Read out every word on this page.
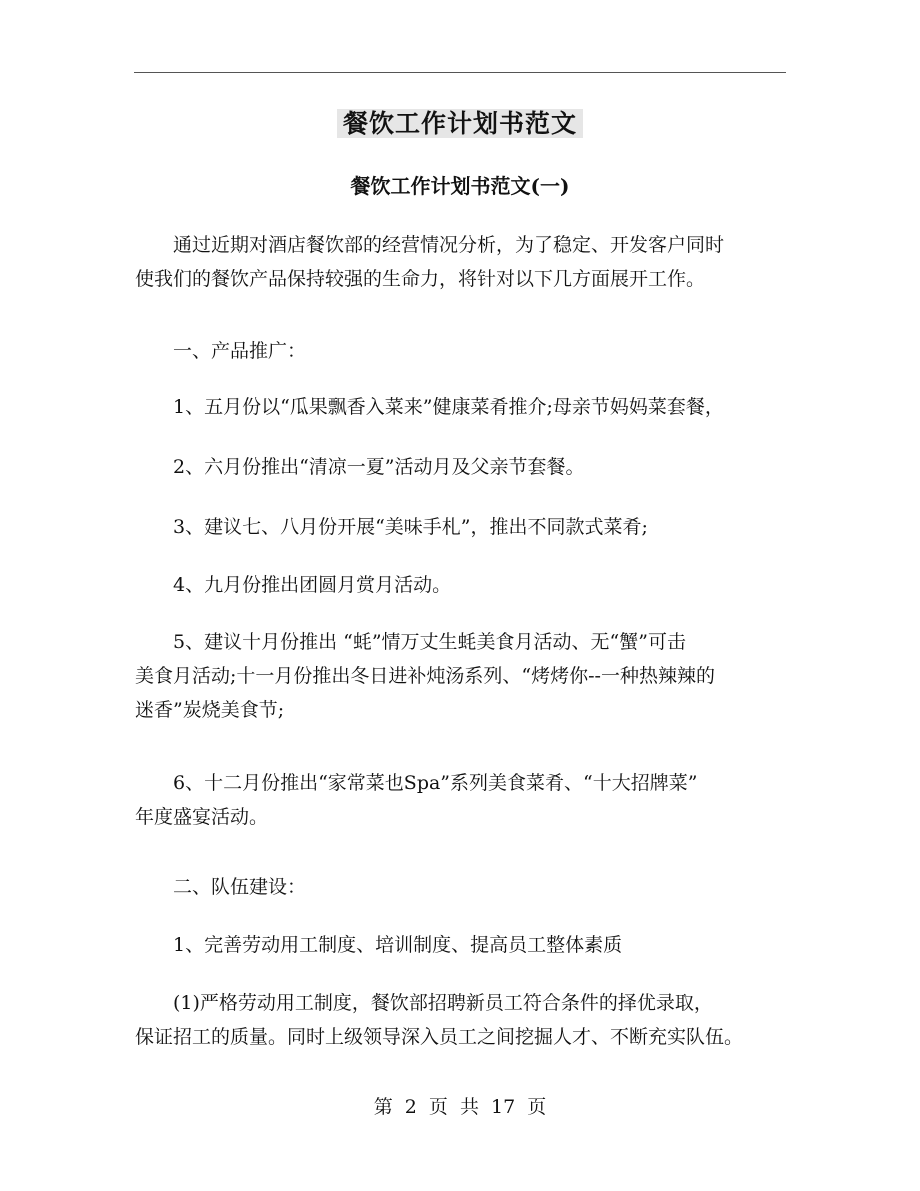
餐饮工作计划书范文
餐饮工作计划书范文(一)
通过近期对酒店餐饮部的经营情况分析，为了稳定、开发客户同时
使我们的餐饮产品保持较强的生命力，将针对以下几方面展开工作。
一、产品推广：
1、五月份以“瓜果飘香入菜来”健康菜肴推介;母亲节妈妈菜套餐，
2、六月份推出“清凉一夏”活动月及父亲节套餐。
3、建议七、八月份开展“美味手札”，推出不同款式菜肴;
4、九月份推出团圆月赏月活动。
5、建议十月份推出 “蚝”情万丈生蚝美食月活动、无“蟹”可击
美食月活动;十一月份推出冬日进补炖汤系列、“烤烤你--一种热辣辣的
迷香”炭烧美食节;
6、十二月份推出“家常菜也Spa”系列美食菜肴、“十大招牌菜”
年度盛宴活动。
二、队伍建设：
1、完善劳动用工制度、培训制度、提高员工整体素质
(1)严格劳动用工制度，餐饮部招聘新员工符合条件的择优录取，
保证招工的质量。同时上级领导深入员工之间挖掘人才、不断充实队伍。
第 2 页 共 17 页
